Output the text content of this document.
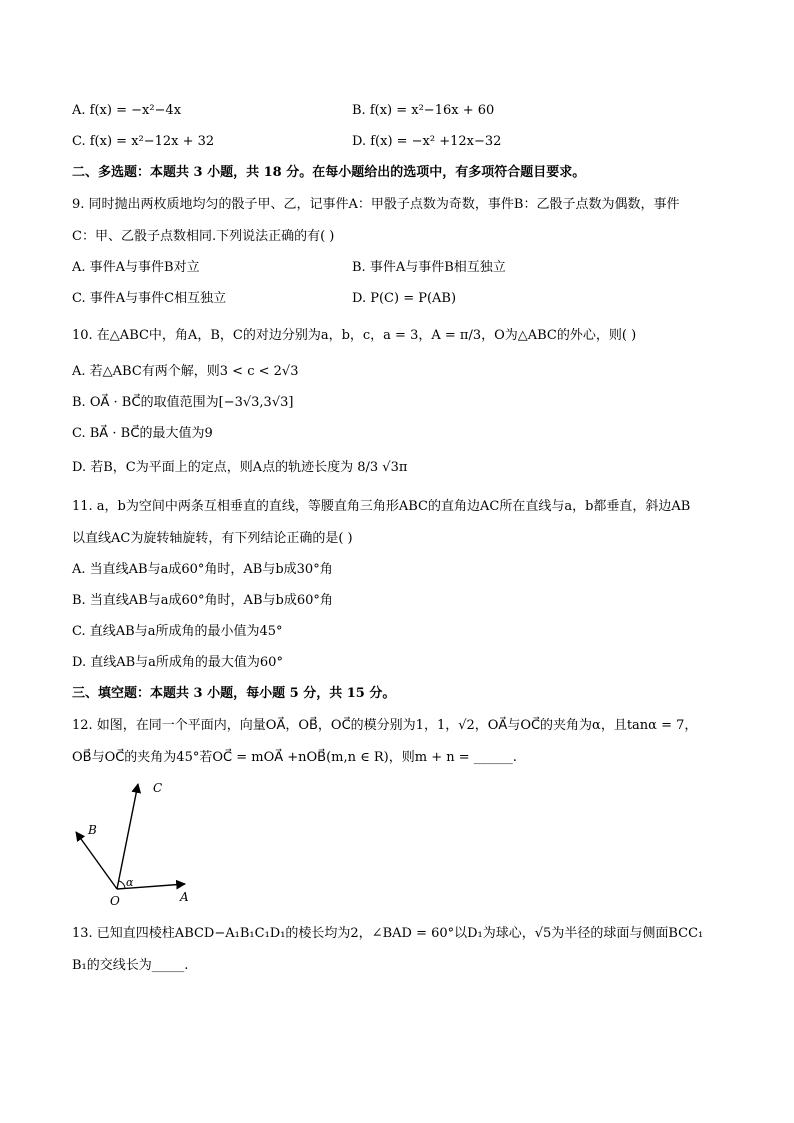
A. f(x) = −x²−4x	B. f(x) = x²−16x + 60
C. f(x) = x²−12x + 32	D. f(x) = −x² +12x−32
二、多选题：本题共 3 小题，共 18 分。在每小题给出的选项中，有多项符合题目要求。
9. 同时抛出两枚质地均匀的骰子甲、乙，记事件A：甲骰子点数为奇数，事件B：乙骰子点数为偶数，事件
C：甲、乙骰子点数相同.下列说法正确的有( )
A. 事件A与事件B对立	B. 事件A与事件B相互独立
C. 事件A与事件C相互独立	D. P(C) = P(AB)
10. 在△ABC中，角A，B，C的对边分别为a，b，c，a = 3，A = π/3，O为△ABC的外心，则( )
A. 若△ABC有两个解，则3 < c < 2√3
B. OA⃗ · BC⃗的取值范围为[−3√3,3√3]
C. BA⃗ · BC⃗的最大值为9
D. 若B，C为平面上的定点，则A点的轨迹长度为 8/3 √3π
11. a，b为空间中两条互相垂直的直线，等腰直角三角形ABC的直角边AC所在直线与a，b都垂直，斜边AB
以直线AC为旋转轴旋转，有下列结论正确的是( )
A. 当直线AB与a成60°角时，AB与b成30°角
B. 当直线AB与a成60°角时，AB与b成60°角
C. 直线AB与a所成角的最小值为45°
D. 直线AB与a所成角的最大值为60°
三、填空题：本题共 3 小题，每小题 5 分，共 15 分。
12. 如图，在同一个平面内，向量OA⃗，OB⃗，OC⃗的模分别为1，1，√2，OA⃗与OC⃗的夹角为α，且tanα = 7，
OB⃗与OC⃗的夹角为45°若OC⃗ = mOA⃗ +nOB⃗(m,n ∈ R)，则m + n = ______.
C
B
O	A
α
13. 已知直四棱柱ABCD−A₁B₁C₁D₁的棱长均为2，∠BAD = 60°以D₁为球心，√5为半径的球面与侧面BCC₁
B₁的交线长为_____.
